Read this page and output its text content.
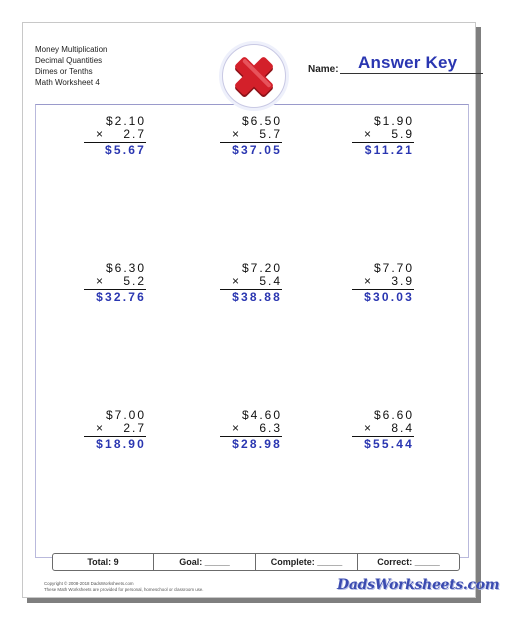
Money Multiplication
Decimal Quantities
Dimes or Tenths
Math Worksheet 4
Name: Answer Key
$2.10
× 2.7
$5.67
$6.50
× 5.7
$37.05
$1.90
× 5.9
$11.21
$6.30
× 5.2
$32.76
$7.20
× 5.4
$38.88
$7.70
× 3.9
$30.03
$7.00
× 2.7
$18.90
$4.60
× 6.3
$28.98
$6.60
× 8.4
$55.44
Total: 9	Goal: _____	Complete: _____	Correct: _____
Copyright © 2008-2018 DadsWorksheets.com
These Math Worksheets are provided for personal, homeschool or classroom use.	DadsWorksheets.com
